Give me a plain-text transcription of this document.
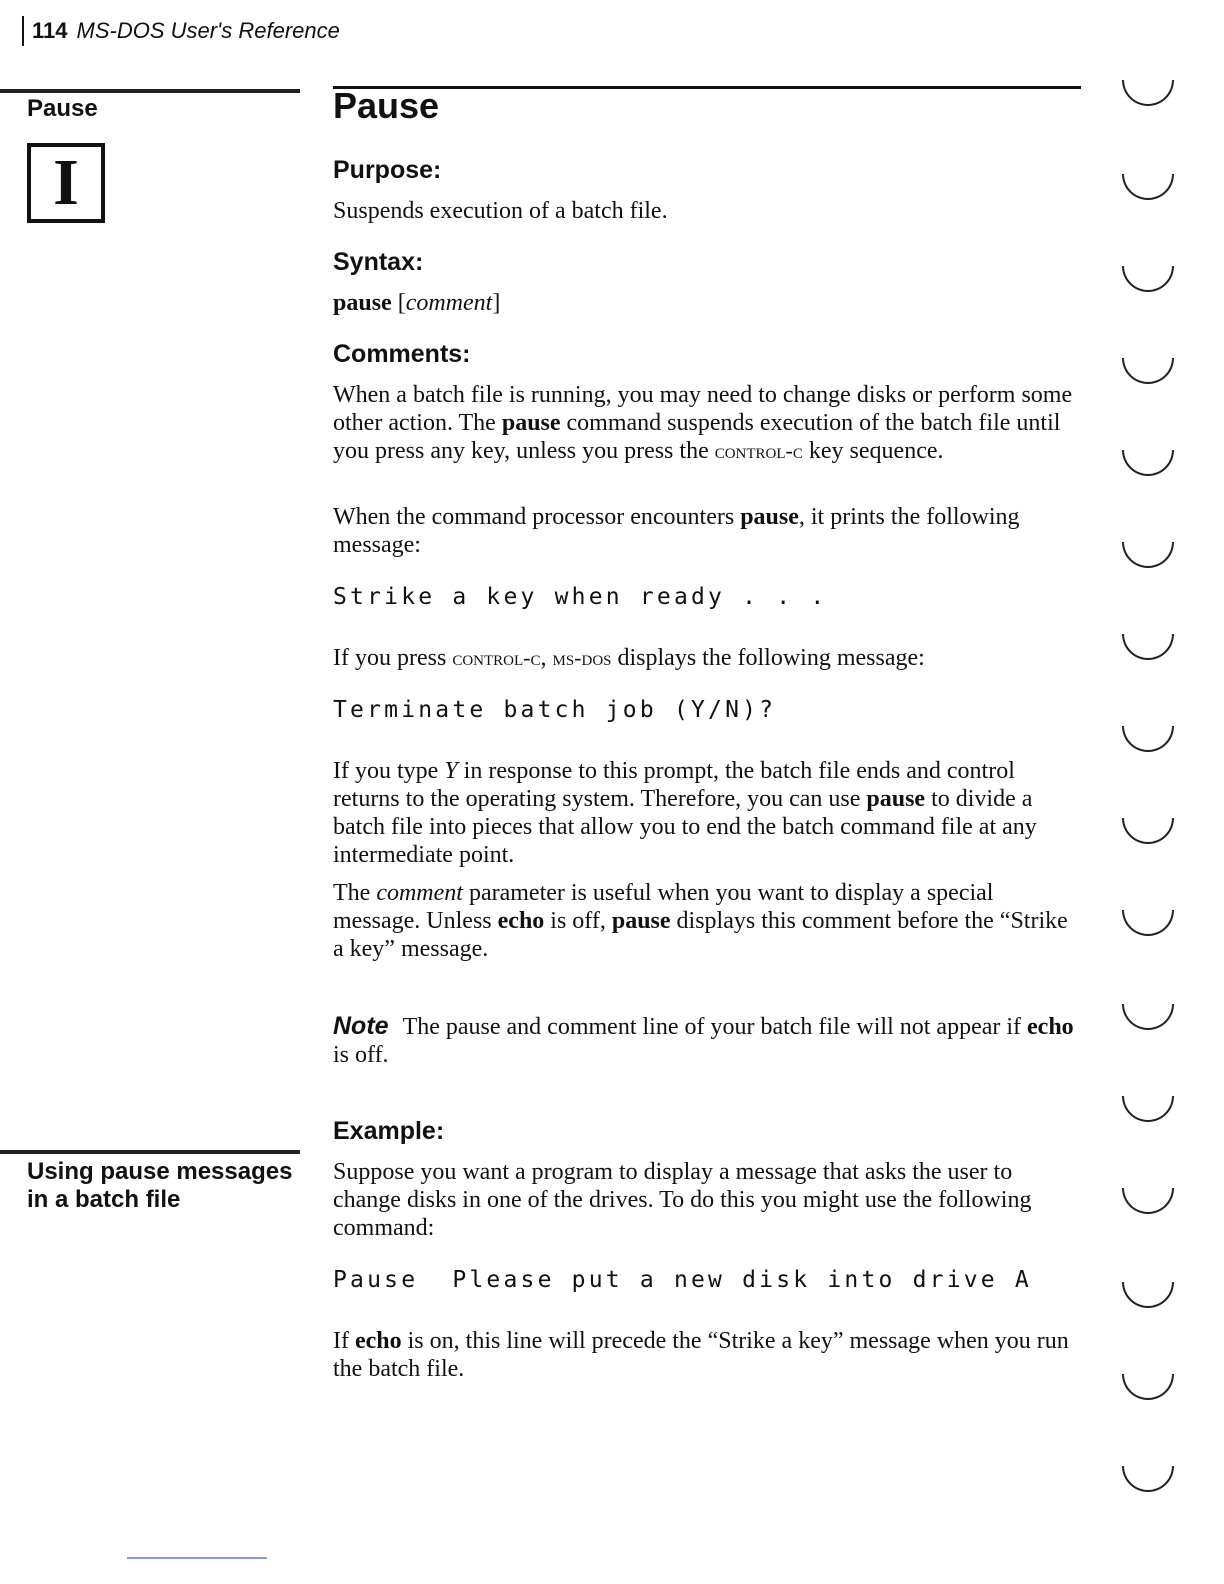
114 MS-DOS User's Reference
Pause
I
Using pause messages in a batch file
Pause
Purpose:
Suspends execution of a batch file.
Syntax:
pause [comment]
Comments:
When a batch file is running, you may need to change disks or perform some other action. The pause command suspends execution of the batch file until you press any key, unless you press the control-c key sequence.
When the command processor encounters pause, it prints the following message:
Strike a key when ready . . .
If you press control-c, ms-dos displays the following message:
Terminate batch job (Y/N)?
If you type Y in response to this prompt, the batch file ends and control returns to the operating system. Therefore, you can use pause to divide a batch file into pieces that allow you to end the batch command file at any intermediate point.
The comment parameter is useful when you want to display a special message. Unless echo is off, pause displays this comment before the “Strike a key” message.
Note The pause and comment line of your batch file will not appear if echo is off.
Example:
Suppose you want a program to display a message that asks the user to change disks in one of the drives. To do this you might use the following command:
Pause  Please put a new disk into drive A
If echo is on, this line will precede the “Strike a key” message when you run the batch file.
